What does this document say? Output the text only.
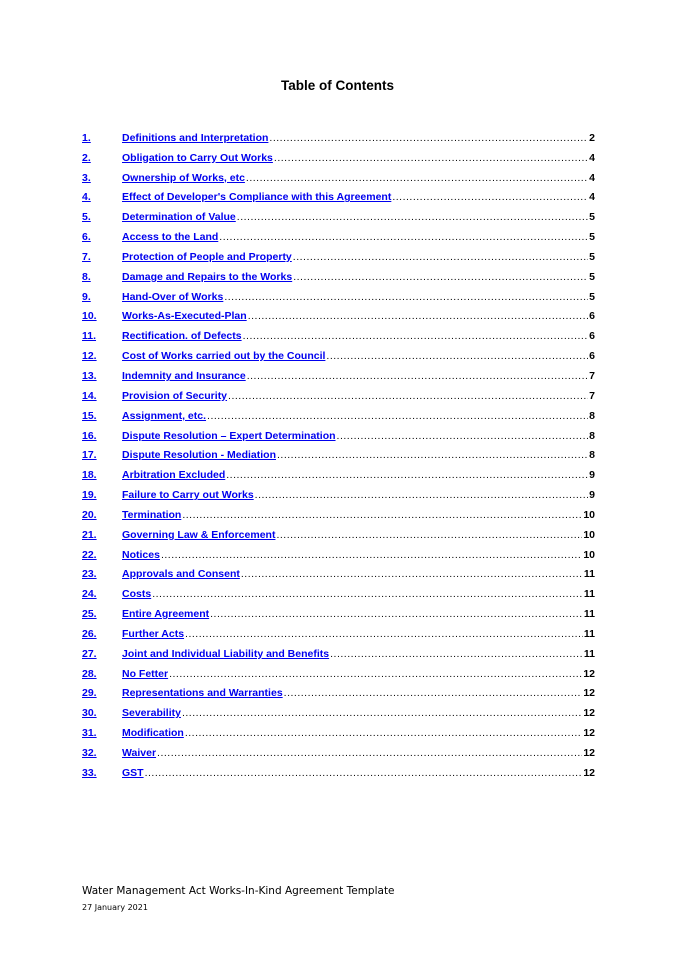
Table of Contents
1.	Definitions and Interpretation .....	2
2.	Obligation to Carry Out Works .....	4
3.	Ownership of Works, etc .....	4
4.	Effect of Developer's Compliance with this Agreement .....	4
5.	Determination of Value .....	5
6.	Access to the Land .....	5
7.	Protection of People and Property .....	5
8.	Damage and Repairs to the Works .....	5
9.	Hand-Over of Works .....	5
10.	Works-As-Executed-Plan .....	6
11.	Rectification. of Defects .....	6
12.	Cost of Works carried out by the Council .....	6
13.	Indemnity and Insurance .....	7
14.	Provision of Security .....	7
15.	Assignment, etc. .....	8
16.	Dispute Resolution – Expert Determination .....	8
17.	Dispute Resolution - Mediation .....	8
18.	Arbitration Excluded .....	9
19.	Failure to Carry out Works .....	9
20.	Termination .....	10
21.	Governing Law & Enforcement .....	10
22.	Notices .....	10
23.	Approvals and Consent .....	11
24.	Costs .....	11
25.	Entire Agreement .....	11
26.	Further Acts .....	11
27.	Joint and Individual Liability and Benefits .....	11
28.	No Fetter .....	12
29.	Representations and Warranties .....	12
30.	Severability .....	12
31.	Modification .....	12
32.	Waiver .....	12
33.	GST .....	12
Water Management Act Works-In-Kind Agreement Template
27 January 2021
